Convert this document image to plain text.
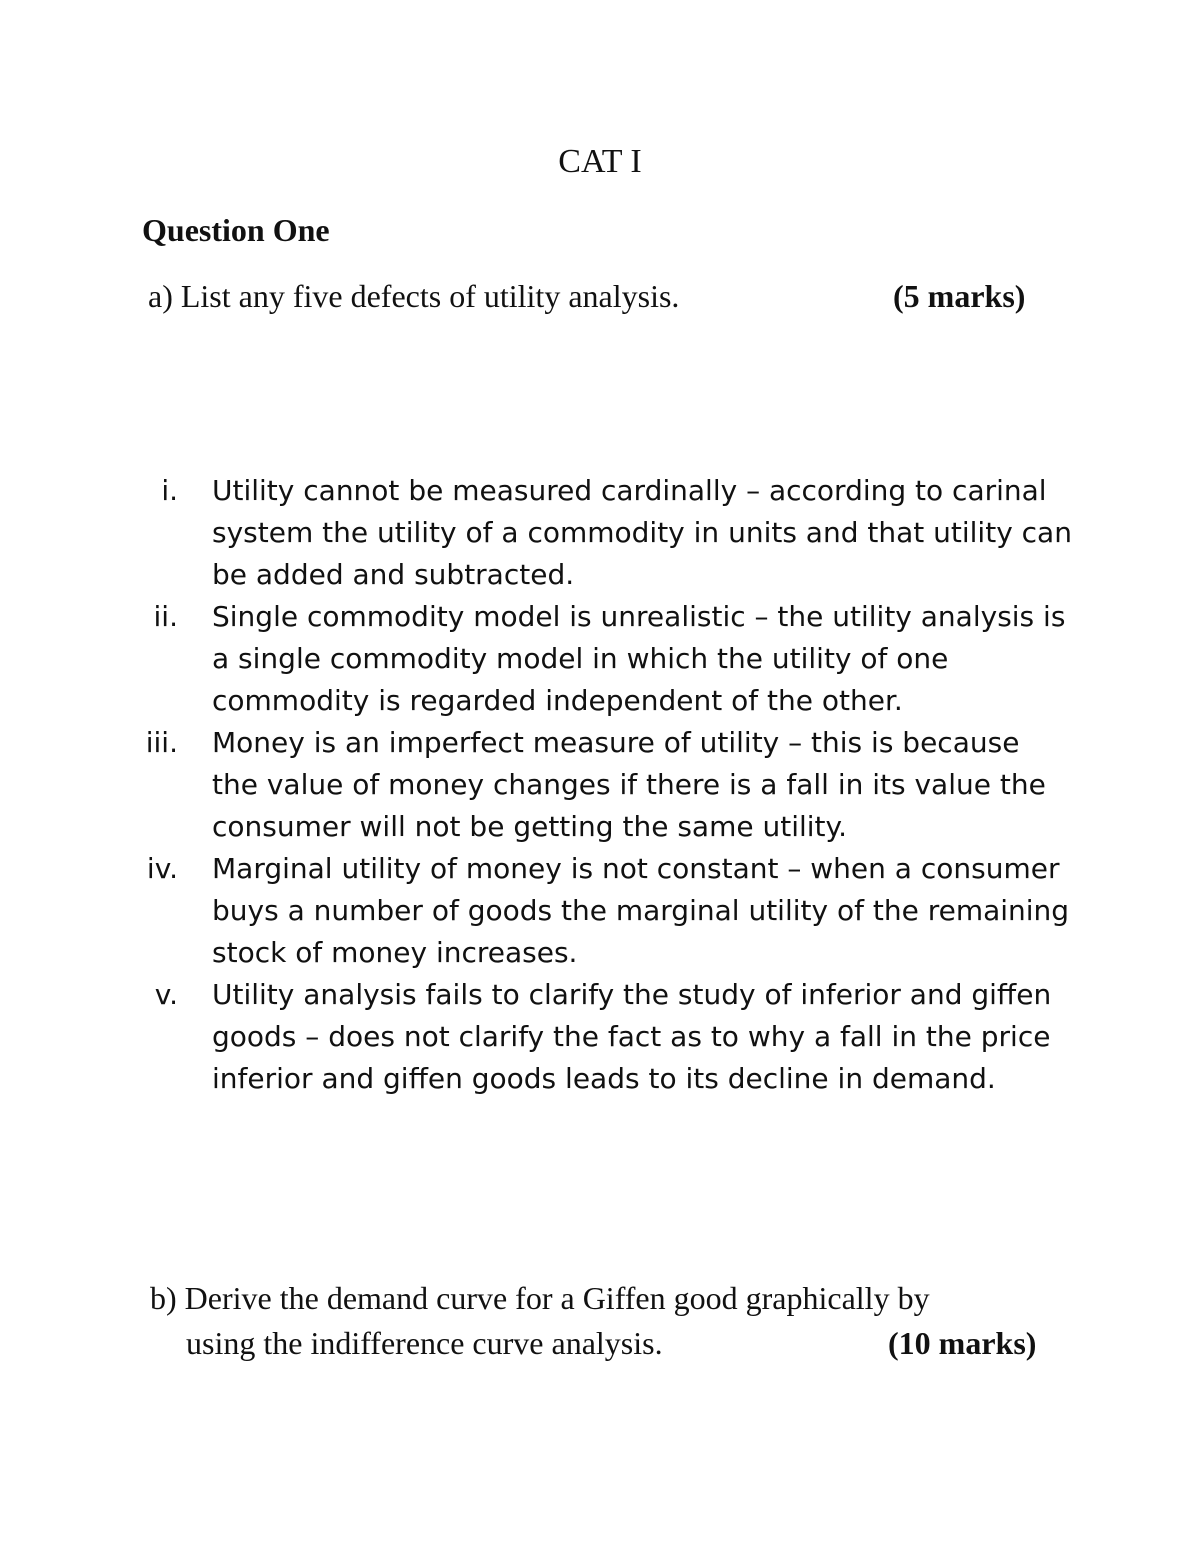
CAT I
Question One
a) List any five defects of utility analysis.	(5 marks)
i. Utility cannot be measured cardinally – according to carinal system the utility of a commodity in units and that utility can be added and subtracted.
ii. Single commodity model is unrealistic – the utility analysis is a single commodity model in which the utility of one commodity is regarded independent of the other.
iii. Money is an imperfect measure of utility – this is because the value of money changes if there is a fall in its value the consumer will not be getting the same utility.
iv. Marginal utility of money is not constant – when a consumer buys a number of goods the marginal utility of the remaining stock of money increases.
v. Utility analysis fails to clarify the study of inferior and giffen goods – does not clarify the fact as to why a fall in the price inferior and giffen goods leads to its decline in demand.
b) Derive the demand curve for a Giffen good graphically by
using the indifference curve analysis.	(10 marks)
